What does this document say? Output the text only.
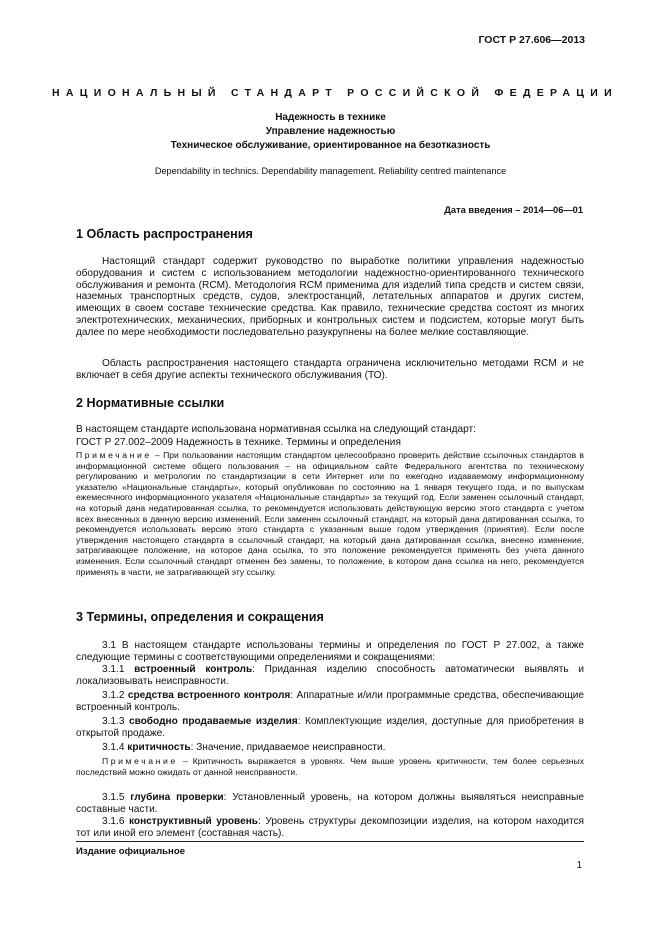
ГОСТ Р 27.606—2013
НАЦИОНАЛЬНЫЙ СТАНДАРТ РОССИЙСКОЙ ФЕДЕРАЦИИ
Надежность в технике
Управление надежностью
Техническое обслуживание, ориентированное на безотказность
Dependability in technics. Dependability management. Reliability centred maintenance
Дата введения – 2014—06—01
1 Область распространения

Настоящий стандарт содержит руководство по выработке политики управления надежностью оборудования и систем с использованием методологии надежностно-ориентированного технического обслуживания и ремонта (RCM). Методология RCM применима для изделий типа средств и систем связи, наземных транспортных средств, судов, электростанций, летательных аппаратов и других систем, имеющих в своем составе технические средства. Как правило, технические средства состоят из многих электротехнических, механических, приборных и контрольных систем и подсистем, которые могут быть далее по мере необходимости последовательно разукрупнены на более мелкие составляющие.

Область распространения настоящего стандарта ограничена исключительно методами RCM и не включает в себя другие аспекты технического обслуживания (ТО).

2 Нормативные ссылки

В настоящем стандарте использована нормативная ссылка на следующий стандарт:

ГОСТ Р 27.002–2009 Надежность в технике. Термины и определения

Примечание – При пользовании настоящим стандартом целесообразно проверить действие ссылочных стандартов в информационной системе общего пользования – на официальном сайте Федерального агентства по техническому регулированию и метрологии по стандартизации в сети Интернет или по ежегодно издаваемому информационному указателю «Национальные стандарты», который опубликован по состоянию на 1 января текущего года, и по выпускам ежемесячного информационного указателя «Национальные стандарты» за текущий год. Если заменен ссылочный стандарт, на который дана недатированная ссылка, то рекомендуется использовать действующую версию этого стандарта с учетом всех внесенных в данную версию изменений. Если заменен ссылочный стандарт, на который дана датированная ссылка, то рекомендуется использовать версию этого стандарта с указанным выше годом утверждения (принятия). Если после утверждения настоящего стандарта в ссылочный стандарт, на который дана датированная ссылка, внесено изменение, затрагивающее положение, на которое дана ссылка, то это положение рекомендуется применять без учета данного изменения. Если ссылочный стандарт отменен без замены, то положение, в котором дана ссылка на него, рекомендуется применять в части, не затрагивающей эту ссылку.

3 Термины, определения и сокращения

3.1 В настоящем стандарте использованы термины и определения по ГОСТ Р 27.002, а также следующие термины с соответствующими определениями и сокращениями:

3.1.1 встроенный контроль: Приданная изделию способность автоматически выявлять и локализовывать неисправности.

3.1.2 средства встроенного контроля: Аппаратные и/или программные средства, обеспечивающие встроенный контроль.

3.1.3 свободно продаваемые изделия: Комплектующие изделия, доступные для приобретения в открытой продаже.

3.1.4 критичность: Значение, придаваемое неисправности.

Примечание – Критичность выражается в уровнях. Чем выше уровень критичности, тем более серьезных последствий можно ожидать от данной неисправности.

3.1.5 глубина проверки: Установленный уровень, на котором должны выявляться неисправные составные части.

3.1.6 конструктивный уровень: Уровень структуры декомпозиции изделия, на котором находится тот или иной его элемент (составная часть).

Издание официальное
1
